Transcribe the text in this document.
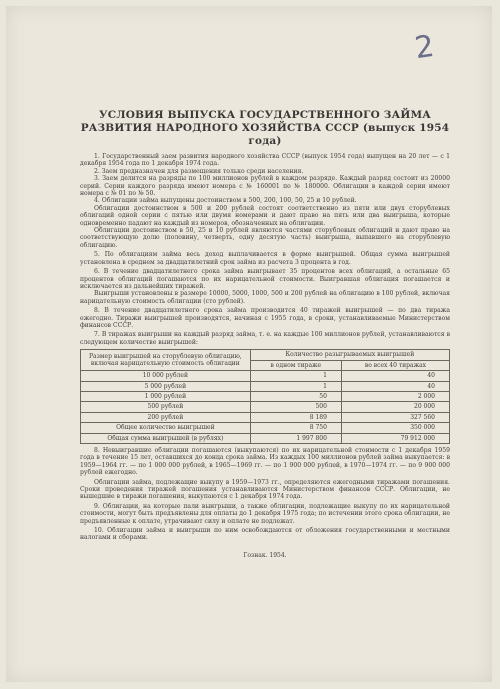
2
УСЛОВИЯ ВЫПУСКА ГОСУДАРСТВЕННОГО ЗАЙМА РАЗВИТИЯ НАРОДНОГО ХОЗЯЙСТВА СССР (выпуск 1954 года)

1. Государственный заем развития народного хозяйства СССР (выпуск 1954 года) выпущен на 20 лет — с 1 декабря 1954 года по 1 декабря 1974 года.

2. Заем предназначен для размещения только среди населения.

3. Заем делится на разряды по 100 миллионов рублей в каждом разряде. Каждый разряд состоит из 20000 серий. Серии каждого разряда имеют номера с № 160001 по № 180000. Облигации в каждой серии имеют номера с № 01 по № 50.

4. Облигации займа выпущены достоинством в 500, 200, 100, 50, 25 и 10 рублей.

Облигации достоинством в 500 и 200 рублей состоят соответственно из пяти или двух сторублевых облигаций одной серии с пятью или двумя номерами и дают право на пять или два выигрыша, которые одновременно падают на каждый из номеров, обозначенных на облигации.

Облигации достоинством в 50, 25 и 10 рублей являются частями сторублевых облигаций и дают право на соответствующую долю (половину, четверть, одну десятую часть) выигрыша, выпавшего на сторублевую облигацию.

5. По облигациям займа весь доход выплачивается в форме выигрышей. Общая сумма выигрышей установлена в среднем за двадцатилетний срок займа из расчета 3 процента в год.

6. В течение двадцатилетнего срока займа выигрывает 35 процентов всех облигаций, а остальные 65 процентов облигаций погашаются по их нарицательной стоимости. Выигравшая облигация погашается и исключается из дальнейших тиражей.

Выигрыши установлены в размере 10000, 5000, 1000, 500 и 200 рублей на облигацию в 100 рублей, включая нарицательную стоимость облигации (сто рублей).

8. В течение двадцатилетнего срока займа производится 40 тиражей выигрышей — по два тиража ежегодно. Тиражи выигрышей производятся, начиная с 1955 года, в сроки, устанавливаемые Министерством финансов СССР.

7. В тиражах выигрыши на каждый разряд займа, т. е. на каждые 100 миллионов рублей, устанавливаются в следующем количестве выигрышей:

Размер выигрышей на сторублевую облигацию, включая нарицательную стоимость облигации	Количество разыгрываемых выигрышей	
	в одном тираже	во всех 40 тиражах
10 000 рублей	1	40
5 000 рублей	1	40
1 000 рублей	50	2 000
500 рублей	500	20 000
200 рублей	8 189	327 560
Общее количество выигрышей	8 750	350 000
Общая сумма выигрышей (в рублях)	1 997 800	79 912 000

8. Невыигравшие облигации погашаются (выкупаются) по их нарицательной стоимости с 1 декабря 1959 года в течение 15 лет, оставшихся до конца срока займа. Из каждых 100 миллионов рублей займа выкупается: в 1959—1964 гг. — по 1 000 000 рублей, в 1965—1969 гг. — по 1 900 000 рублей, в 1970—1974 гг. — по 9 900 000 рублей ежегодно.

Облигации займа, подлежащие выкупу в 1959—1973 гг., определяются ежегодными тиражами погашения. Сроки проведения тиражей погашения устанавливаются Министерством финансов СССР. Облигации, не вышедшие в тиражи погашения, выкупаются с 1 декабря 1974 года.

9. Облигации, на которые пали выигрыши, а также облигации, подлежащие выкупу по их нарицательной стоимости, могут быть предъявлены для оплаты до 1 декабря 1975 года; по истечении этого срока облигации, не предъявленные к оплате, утрачивают силу и оплате не подлежат.

10. Облигации займа и выигрыши по ним освобождаются от обложения государственными и местными налогами и сборами.

Гознак. 1954.
